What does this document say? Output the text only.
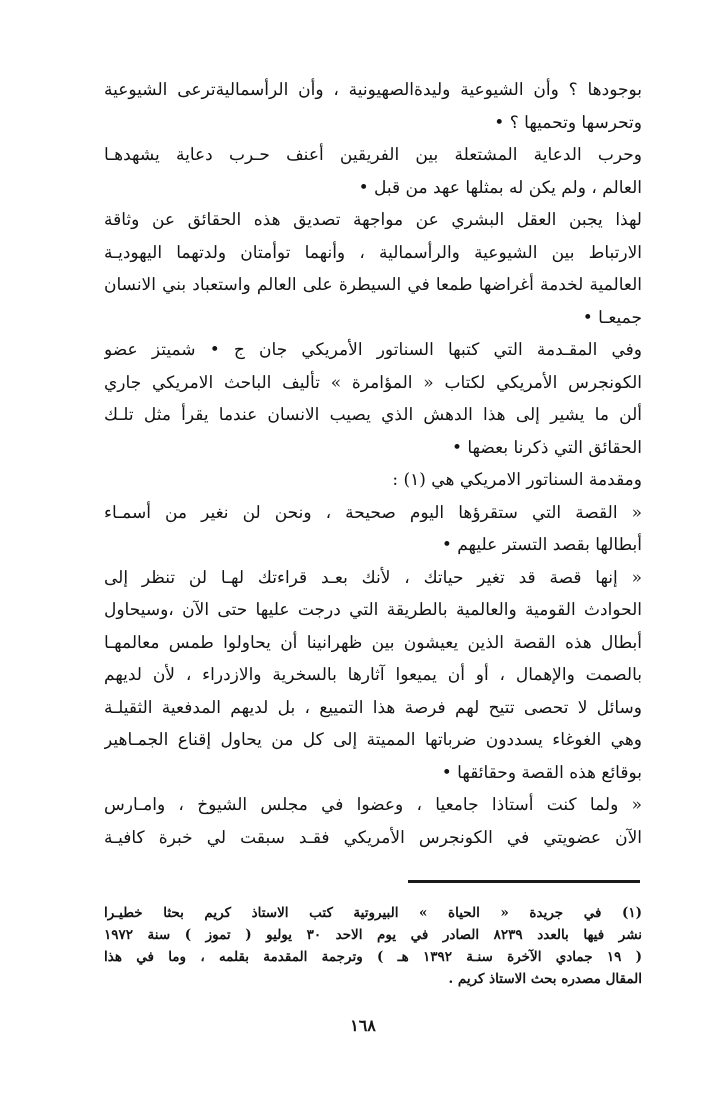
بوجودها ؟ وأن الشيوعية وليدةالصهيونية ، وأن الرأسماليةترعى الشيوعية
وتحرسها وتحميها ؟ •
وحرب الدعاية المشتعلة بين الفريقين أعنف حـرب دعاية يشهدهـا
العالم ، ولم يكن له بمثلها عهد من قبل •
لهذا يجبن العقل البشري عن مواجهة تصديق هذه الحقائق عن وثاقة
الارتباط بين الشيوعية والرأسمالية ، وأنهما توأمتان ولدتهما اليهوديـة
العالمية لخدمة أغراضها طمعا في السيطرة على العالم واستعباد بني الانسان
جميعـا •
وفي المقـدمة التي كتبها السناتور الأمريكي جان ج • شميتز عضو
الكونجرس الأمريكي لكتاب « المؤامرة » تأليف الباحث الامريكي جاري
ألن ما يشير إلى هذا الدهش الذي يصيب الانسان عندما يقرأ مثل تلـك
الحقائق التي ذكرنا بعضها •
ومقدمة السناتور الامريكي هي (١) :
« القصة التي ستقرؤها اليوم صحيحة ، ونحن لن نغير من أسمـاء
أبطالها بقصد التستر عليهم •
« إنها قصة قد تغير حياتك ، لأنك بعـد قراءتك لهـا لن تنظر إلى
الحوادث القومية والعالمية بالطريقة التي درجت عليها حتى الآن ،وسيحاول
أبطال هذه القصة الذين يعيشون بين ظهرانينا أن يحاولوا طمس معالمهـا
بالصمت والإهمال ، أو أن يميعوا آثارها بالسخرية والازدراء ، لأن لديهم
وسائل لا تحصى تتيح لهم فرصة هذا التمييع ، بل لديهم المدفعية الثقيلـة
وهي الغوغاء يسددون ضرباتها المميتة إلى كل من يحاول إقناع الجمـاهير
بوقائع هذه القصة وحقائقها •
« ولما كنت أستاذا جامعيا ، وعضوا في مجلس الشيوخ ، وامـارس
الآن عضويتي في الكونجرس الأمريكي فقـد سبقت لي خبرة كافيـة
(١) في جريدة « الحياة » البيروتية كتب الاستاذ كريم بحثا خطيـرا
نشر فيها بالعدد ٨٢٣٩ الصادر في يوم الاحد ٣٠ يوليو ( تموز ) سنة ١٩٧٢
( ١٩ جمادي الآخرة سنـة ١٣٩٢ هـ ) وترجمة المقدمة بقلمه ، وما في هذا
المقال مصدره بحث الاستاذ كريم .
١٦٨
